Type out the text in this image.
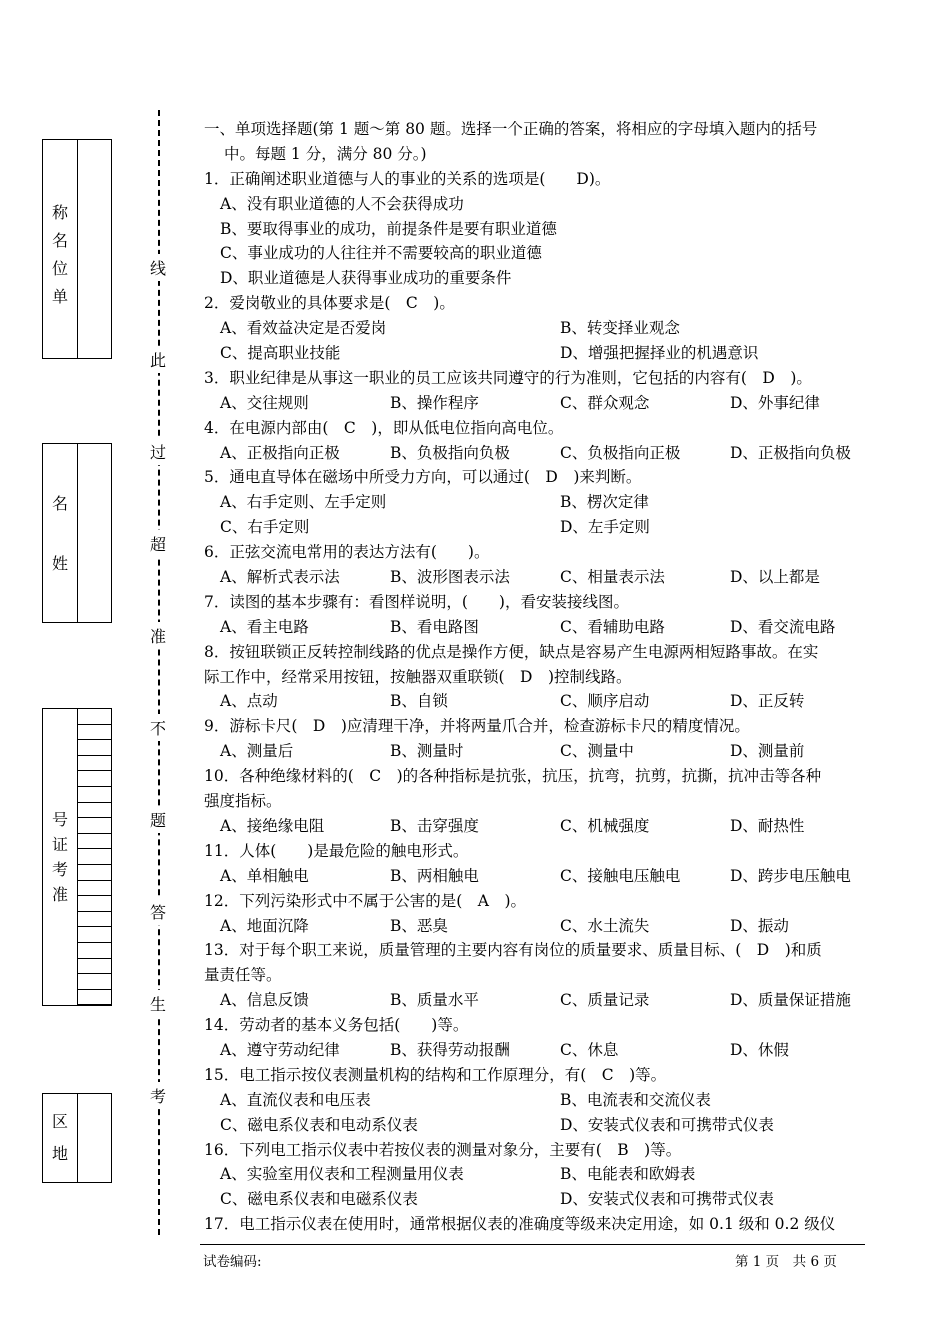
称
名
位
单
名
姓
号
证
考
准
区
地
线
此
过
超
准
不
题
答
生
考
一、单项选择题(第 1 题～第 80 题。选择一个正确的答案，将相应的字母填入题内的括号
中。每题 1 分，满分 80 分。)
1．正确阐述职业道德与人的事业的关系的选项是(　　D)。
A、没有职业道德的人不会获得成功
B、要取得事业的成功，前提条件是要有职业道德
C、事业成功的人往往并不需要较高的职业道德
D、职业道德是人获得事业成功的重要条件
2．爱岗敬业的具体要求是(　C　)。
A、看效益决定是否爱岗	B、转变择业观念
C、提高职业技能	D、增强把握择业的机遇意识
3．职业纪律是从事这一职业的员工应该共同遵守的行为准则，它包括的内容有(　D　)。
A、交往规则	B、操作程序	C、群众观念	D、外事纪律
4．在电源内部由(　C　)，即从低电位指向高电位。
A、正极指向正极	B、负极指向负极	C、负极指向正极	D、正极指向负极
5．通电直导体在磁场中所受力方向，可以通过(　D　)来判断。
A、右手定则、左手定则	B、楞次定律
C、右手定则	D、左手定则
6．正弦交流电常用的表达方法有(　　)。
A、解析式表示法	B、波形图表示法	C、相量表示法	D、以上都是
7．读图的基本步骤有：看图样说明，(　　)，看安装接线图。
A、看主电路	B、看电路图	C、看辅助电路	D、看交流电路
8．按钮联锁正反转控制线路的优点是操作方便，缺点是容易产生电源两相短路事故。在实
际工作中，经常采用按钮，按触器双重联锁(　D　)控制线路。
A、点动	B、自锁	C、顺序启动	D、正反转
9．游标卡尺(　D　)应清理干净，并将两量爪合并，检查游标卡尺的精度情况。
A、测量后	B、测量时	C、测量中	D、测量前
10．各种绝缘材料的(　C　)的各种指标是抗张，抗压，抗弯，抗剪，抗撕，抗冲击等各种
强度指标。
A、接绝缘电阻	B、击穿强度	C、机械强度	D、耐热性
11．人体(　　)是最危险的触电形式。
A、单相触电	B、两相触电	C、接触电压触电	D、跨步电压触电
12．下列污染形式中不属于公害的是(　A　)。
A、地面沉降	B、恶臭	C、水土流失	D、振动
13．对于每个职工来说，质量管理的主要内容有岗位的质量要求、质量目标、(　D　)和质
量责任等。
A、信息反馈	B、质量水平	C、质量记录	D、质量保证措施
14．劳动者的基本义务包括(　　)等。
A、遵守劳动纪律	B、获得劳动报酬	C、休息	D、休假
15．电工指示按仪表测量机构的结构和工作原理分，有(　C　)等。
A、直流仪表和电压表	B、电流表和交流仪表
C、磁电系仪表和电动系仪表	D、安装式仪表和可携带式仪表
16．下列电工指示仪表中若按仪表的测量对象分，主要有(　B　)等。
A、实验室用仪表和工程测量用仪表	B、电能表和欧姆表
C、磁电系仪表和电磁系仪表	D、安装式仪表和可携带式仪表
17．电工指示仪表在使用时，通常根据仪表的准确度等级来决定用途，如 0.1 级和 0.2 级仪
试卷编码:	第 1 页　共 6 页
